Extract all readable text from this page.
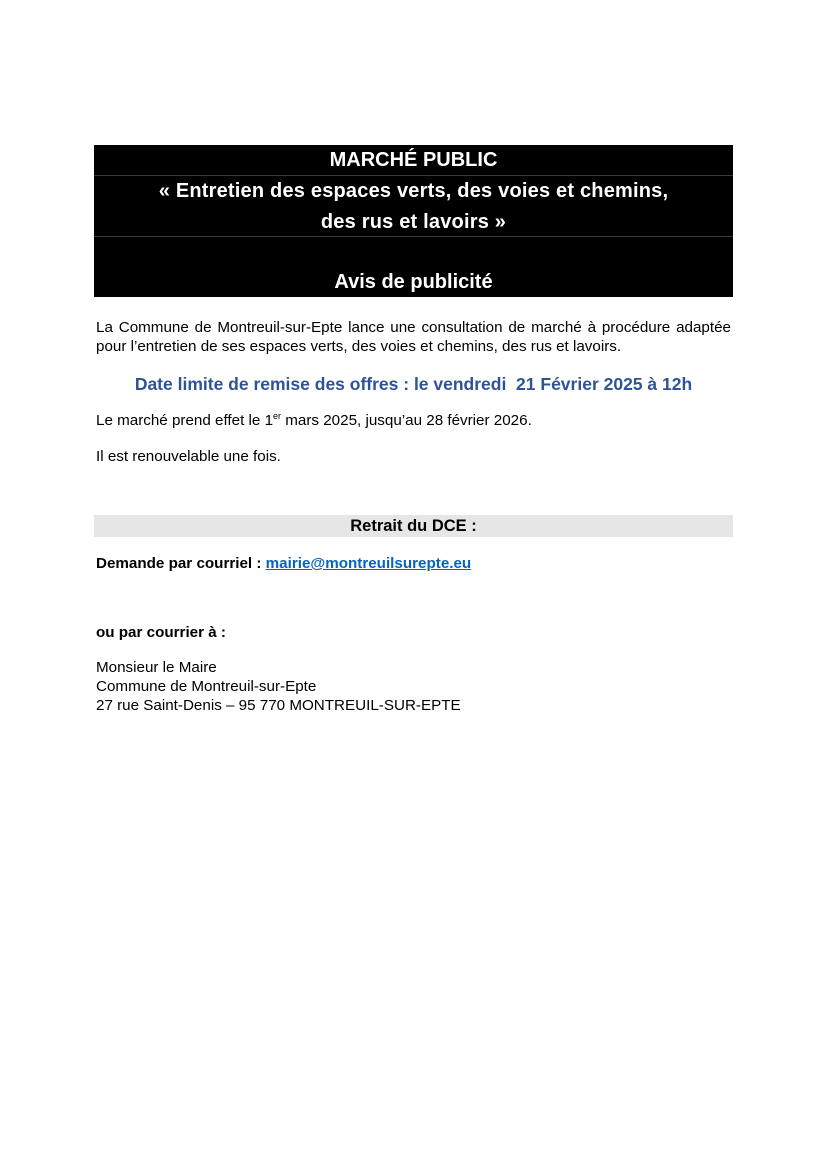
MARCHÉ PUBLIC
« Entretien des espaces verts, des voies et chemins,
des rus et lavoirs »
Avis de publicité
La Commune de Montreuil-sur-Epte lance une consultation de marché à procédure adaptée pour l’entretien de ses espaces verts, des voies et chemins, des rus et lavoirs.
Date limite de remise des offres : le vendredi  21 Février 2025 à 12h
Le marché prend effet le 1er mars 2025, jusqu’au 28 février 2026.
Il est renouvelable une fois.
Retrait du DCE :
Demande par courriel : mairie@montreuilsurepte.eu
ou par courrier à :
Monsieur le Maire
Commune de Montreuil-sur-Epte
27 rue Saint-Denis – 95 770 MONTREUIL-SUR-EPTE
